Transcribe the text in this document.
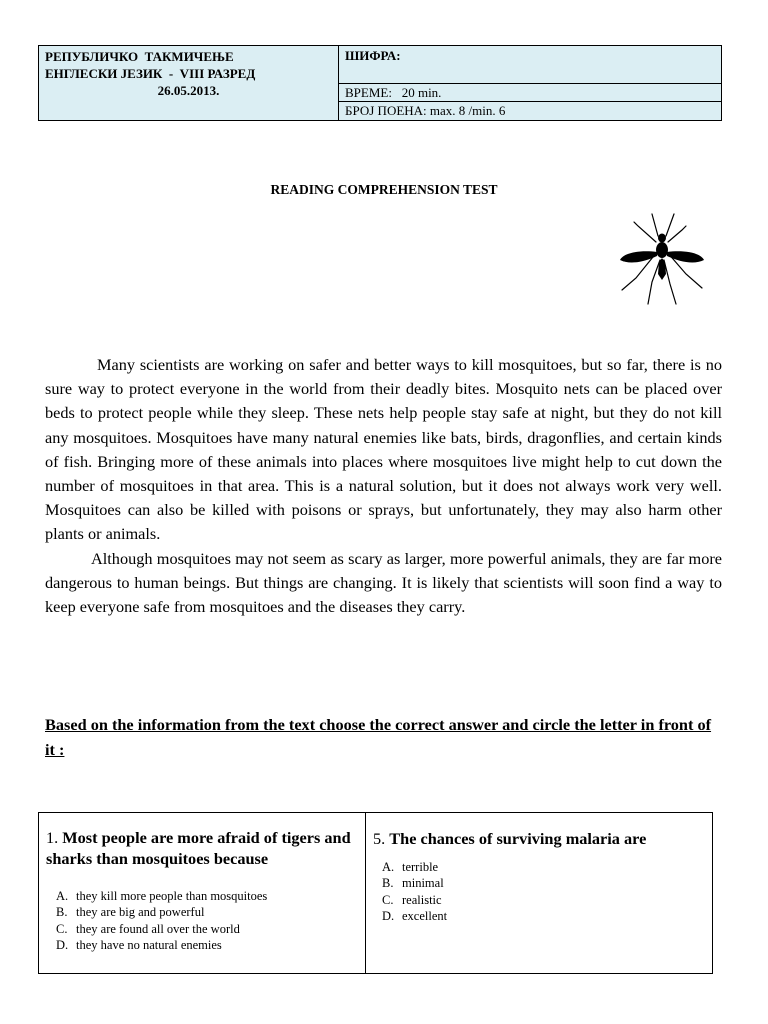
РЕПУБЛИЧКО  ТАКМИЧЕЊЕ
ЕНГЛЕСКИ ЈЕЗИК  -  VIII РАЗРЕД
26.05.2013.
ШИФРА:
ВРЕМЕ:   20 min.
БРОЈ ПОЕНА: max. 8 /min. 6
READING COMPREHENSION TEST

Many scientists are working on safer and better ways to kill mosquitoes, but so far, there is no sure way to protect everyone in the world from their deadly bites. Mosquito nets can be placed over beds to protect people while they sleep. These nets help people stay safe at night, but they do not kill any mosquitoes. Mosquitoes have many natural enemies like bats, birds, dragonflies, and certain kinds of fish. Bringing more of these animals into places where mosquitoes live might help to cut down the number of mosquitoes in that area. This is a natural solution, but it does not always work very well. Mosquitoes can also be killed with poisons or sprays, but unfortunately, they may also harm other plants or animals.

Although mosquitoes may not seem as scary as larger, more powerful animals, they are far more dangerous to human beings. But things are changing. It is likely that scientists will soon find a way to keep everyone safe from mosquitoes and the diseases they carry.

Based on the information from the text choose the correct answer and circle the letter in front of it :
1. Most people are more afraid of tigers and sharks than mosquitoes because
A. they kill more people than mosquitoes
B. they are big and powerful
C. they are found all over the world
D. they have no natural enemies
5. The chances of surviving malaria are
A. terrible
B. minimal
C. realistic
D. excellent
